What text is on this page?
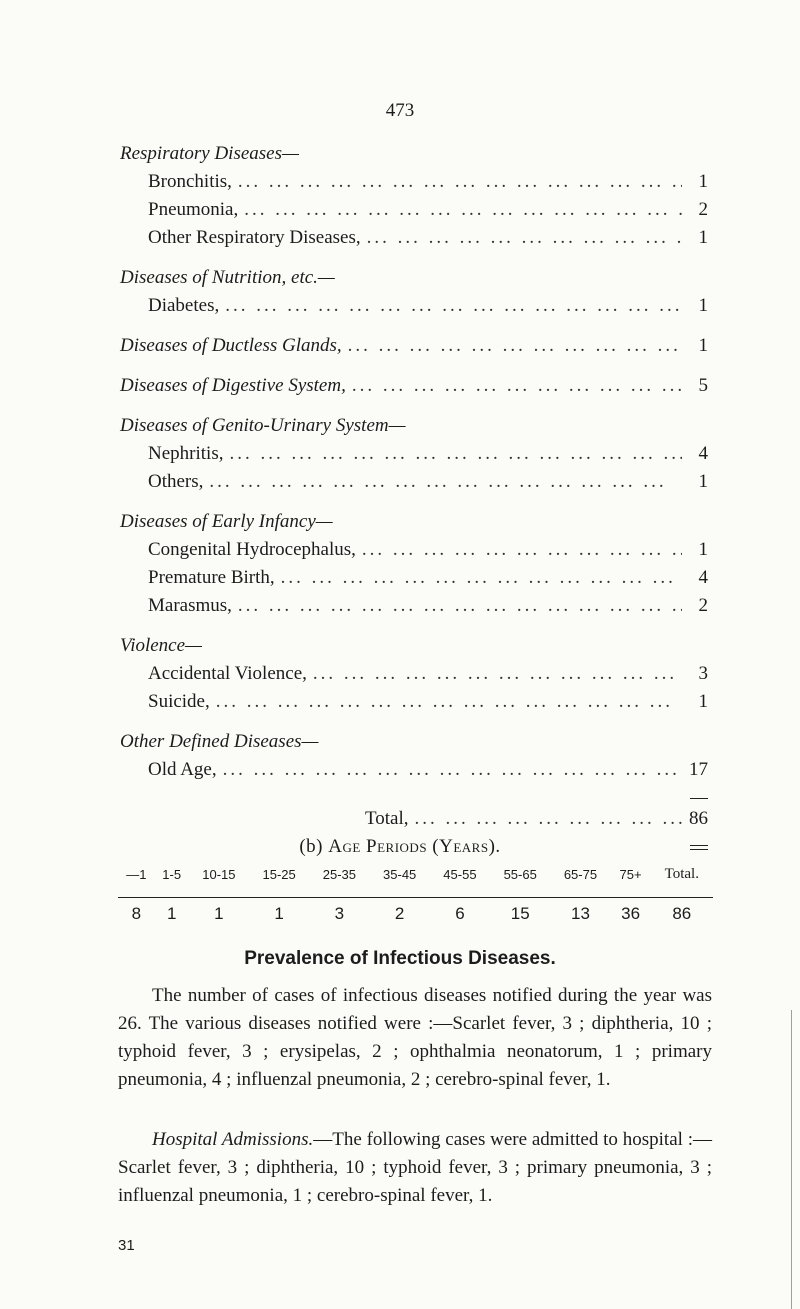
473
Respiratory Diseases—
Bronchitis, ... .	1
Pneumonia, ... .	2
Other Respiratory Diseases, ... .	1
Diseases of Nutrition, etc.—
Diabetes, ... .	1
Diseases of Ductless Glands, ... .	1
Diseases of Digestive System, ... .	5
Diseases of Genito-Urinary System—
Nephritis, ... .	4
Others, ... .	1
Diseases of Early Infancy—
Congenital Hydrocephalus, ... .	1
Premature Birth, ... .	4
Marasmus, ... .	2
Violence—
Accidental Violence, ... .	3
Suicide, ... .	1
Other Defined Diseases—
Old Age, ... .	17
Total, ... .	86
(b) Age Periods (Years).
—1	1-5	10-15	15-25	25-35	35-45	45-55	55-65	65-75	75+	Total.
8	1	1	1	3	2	6	15	13	36	86
Prevalence of Infectious Diseases.
The number of cases of infectious diseases notified during the year was 26. The various diseases notified were :—Scarlet fever, 3 ; diphtheria, 10 ; typhoid fever, 3 ; erysipelas, 2 ; ophthalmia neonatorum, 1 ; primary pneumonia, 4 ; influenzal pneumonia, 2 ; cerebro-spinal fever, 1.
Hospital Admissions.—The following cases were admitted to hospital :—Scarlet fever, 3 ; diphtheria, 10 ; typhoid fever, 3 ; primary pneumonia, 3 ; influenzal pneumonia, 1 ; cerebro-spinal fever, 1.
31
